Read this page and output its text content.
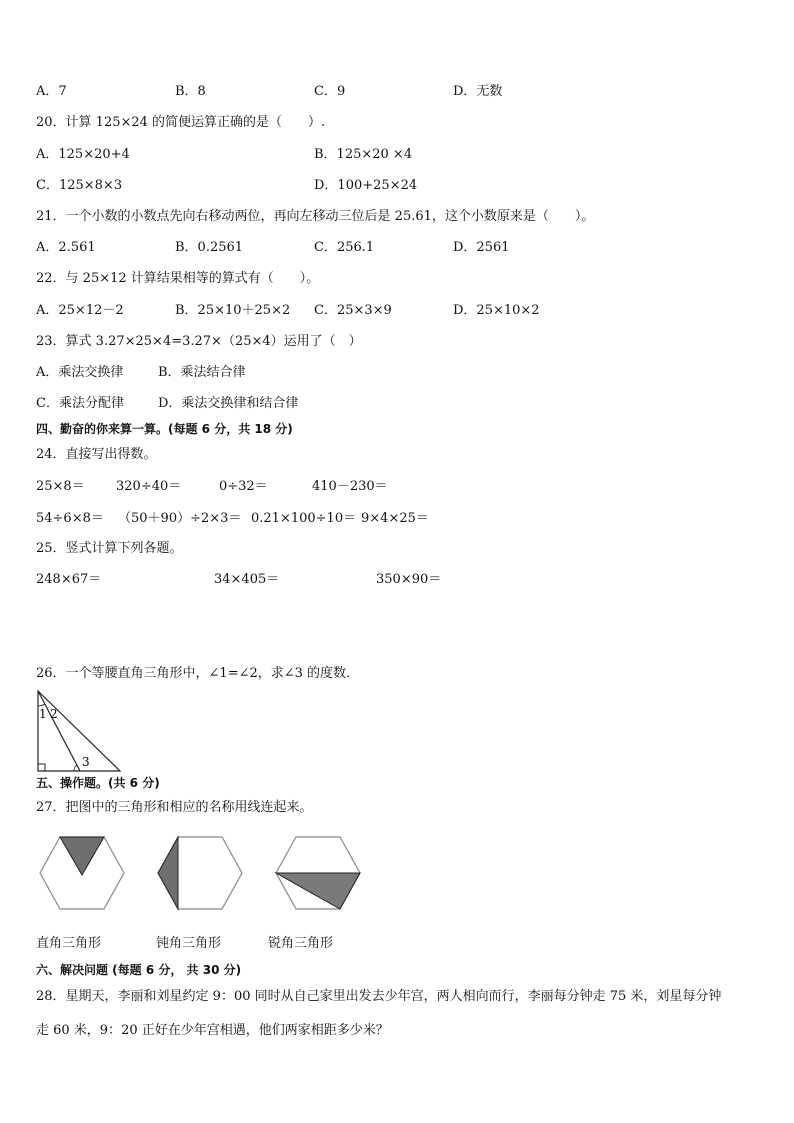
A．7	B．8	C．9	D．无数
20．计算 125×24 的简便运算正确的是（　　）.
A．125×20+4	B．125×20 ×4
C．125×8×3	D．100+25×24
21．一个小数的小数点先向右移动两位，再向左移动三位后是 25.61，这个小数原来是（　　）。
A．2.561	B．0.2561	C．256.1	D．2561
22．与 25×12 计算结果相等的算式有（　　）。
A．25×12－2	B．25×10＋25×2 C．25×3×9	D．25×10×2
23．算式 3.27×25×4=3.27×（25×4）运用了（　）
A．乘法交换律	B．乘法结合律
C．乘法分配律	D．乘法交换律和结合律
四、勤奋的你来算一算。(每题 6 分，共 18 分)
24．直接写出得数。
25×8＝ 320÷40＝	0÷32＝	410－230＝
54÷6×8＝ （50＋90）÷2×3＝ 0.21×100÷10＝ 9×4×25＝
25．竖式计算下列各题。
248×67＝	34×405＝	350×90＝
26．一个等腰直角三角形中，∠1=∠2，求∠3 的度数．
1 2
3
五、操作题。(共 6 分)
27．把图中的三角形和相应的名称用线连起来。
直角三角形	钝角三角形	锐角三角形
六、解决问题 (每题 6 分， 共 30 分)
28．星期天，李丽和刘星约定 9：00 同时从自己家里出发去少年宫，两人相向而行，李丽每分钟走 75 米，刘星每分钟
走 60 米，9：20 正好在少年宫相遇，他们两家相距多少米？
